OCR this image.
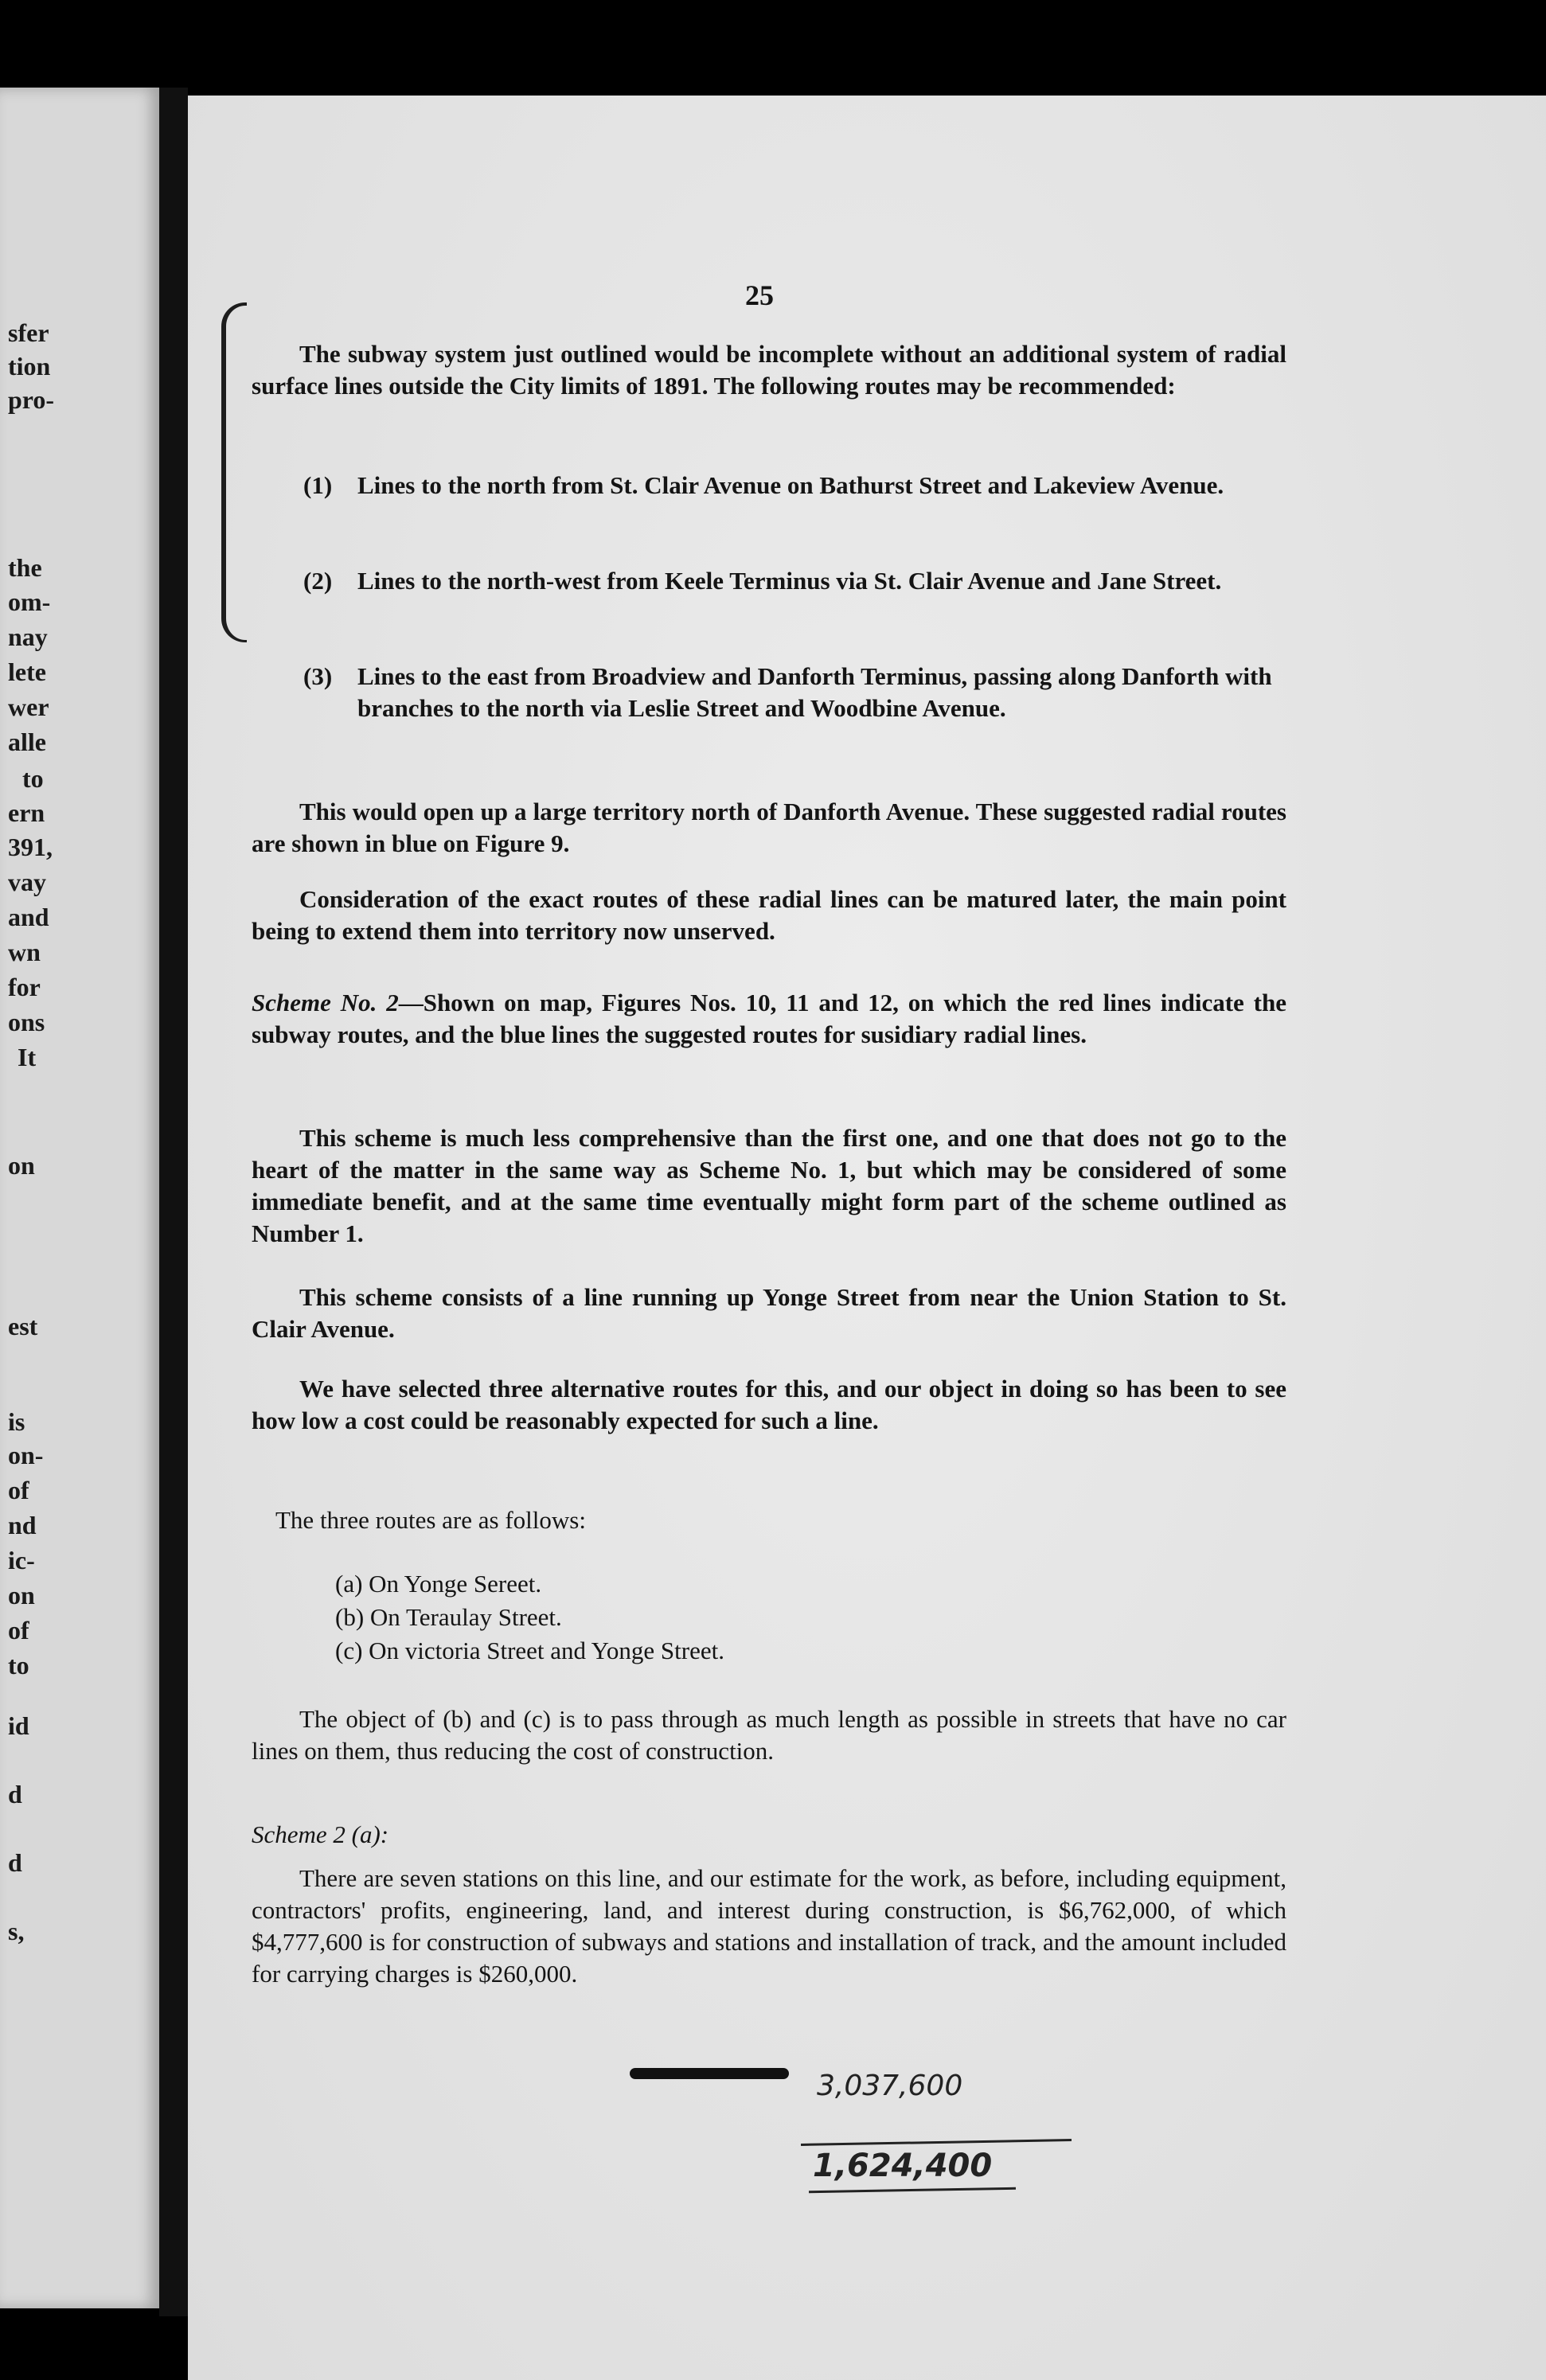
sfer
tion
pro-
the
om-
nay
lete
wer
alle
to
ern
391,
vay
and
wn
for
ons
It
on
est
is
on-
of
nd
ic-
on
of
to
id
d
d
s,
25
The subway system just outlined would be incomplete without an additional system of radial surface lines outside the City limits of 1891. The following routes may be recommended:
(1) Lines to the north from St. Clair Avenue on Bathurst Street and Lakeview Avenue.
(2) Lines to the north-west from Keele Terminus via St. Clair Avenue and Jane Street.
(3) Lines to the east from Broadview and Danforth Terminus, passing along Danforth with branches to the north via Leslie Street and Woodbine Avenue.
This would open up a large territory north of Danforth Avenue. These suggested radial routes are shown in blue on Figure 9.
Consideration of the exact routes of these radial lines can be matured later, the main point being to extend them into territory now unserved.
Scheme No. 2—Shown on map, Figures Nos. 10, 11 and 12, on which the red lines indicate the subway routes, and the blue lines the suggested routes for susidiary radial lines.
This scheme is much less comprehensive than the first one, and one that does not go to the heart of the matter in the same way as Scheme No. 1, but which may be considered of some immediate benefit, and at the same time eventually might form part of the scheme outlined as Number 1.
This scheme consists of a line running up Yonge Street from near the Union Station to St. Clair Avenue.
We have selected three alternative routes for this, and our object in doing so has been to see how low a cost could be reasonably expected for such a line.
The three routes are as follows:
(a) On Yonge Sereet.
(b) On Teraulay Street.
(c) On victoria Street and Yonge Street.
The object of (b) and (c) is to pass through as much length as possible in streets that have no car lines on them, thus reducing the cost of construction.
Scheme 2 (a):
There are seven stations on this line, and our estimate for the work, as before, including equipment, contractors' profits, engineering, land, and interest during construction, is $6,762,000, of which $4,777,600 is for construction of subways and stations and installation of track, and the amount included for carrying charges is $260,000.
3,037,600
1,624,400
